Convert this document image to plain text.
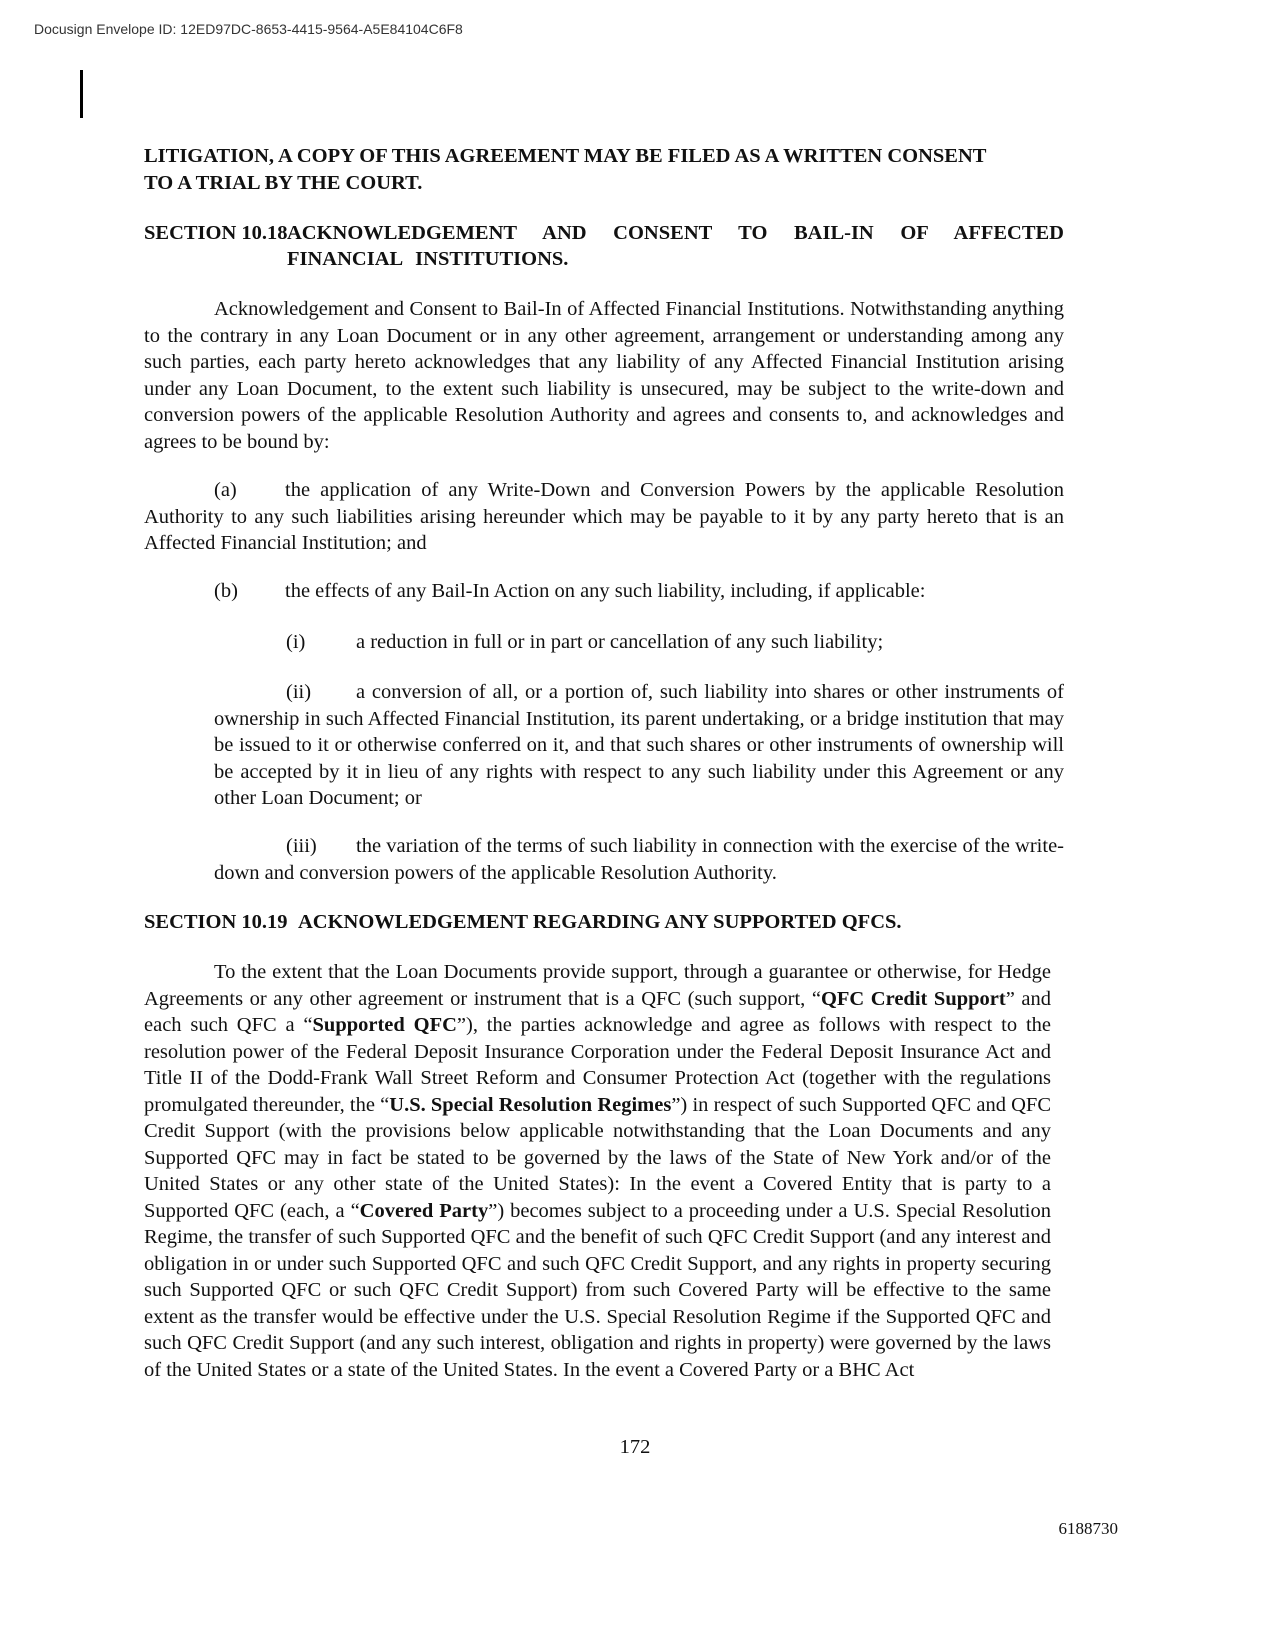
Docusign Envelope ID: 12ED97DC-8653-4415-9564-A5E84104C6F8
LITIGATION, A COPY OF THIS AGREEMENT MAY BE FILED AS A WRITTEN CONSENT
TO A TRIAL BY THE COURT.
SECTION 10.18 ACKNOWLEDGEMENT AND CONSENT TO BAIL-IN OF AFFECTED
FINANCIAL INSTITUTIONS.

Acknowledgement and Consent to Bail-In of Affected Financial Institutions. Notwithstanding anything to the contrary in any Loan Document or in any other agreement, arrangement or understanding among any such parties, each party hereto acknowledges that any liability of any Affected Financial Institution arising under any Loan Document, to the extent such liability is unsecured, may be subject to the write-down and conversion powers of the applicable Resolution Authority and agrees and consents to, and acknowledges and agrees to be bound by:

(a)	the application of any Write-Down and Conversion Powers by the applicable Resolution Authority to any such liabilities arising hereunder which may be payable to it by any party hereto that is an Affected Financial Institution; and

(b) the effects of any Bail-In Action on any such liability, including, if applicable:
(i) a reduction in full or in part or cancellation of any such liability;
(ii)	a conversion of all, or a portion of, such liability into shares or other instruments of ownership in such Affected Financial Institution, its parent undertaking, or a bridge institution that may be issued to it or otherwise conferred on it, and that such shares or other instruments of ownership will be accepted by it in lieu of any rights with respect to any such liability under this Agreement or any other Loan Document; or

(iii)	the variation of the terms of such liability in connection with the exercise of the write-down and conversion powers of the applicable Resolution Authority.

SECTION 10.19 ACKNOWLEDGEMENT REGARDING ANY SUPPORTED QFCS.

To the extent that the Loan Documents provide support, through a guarantee or otherwise, for Hedge Agreements or any other agreement or instrument that is a QFC (such support, “QFC Credit Support” and each such QFC a “Supported QFC”), the parties acknowledge and agree as follows with respect to the resolution power of the Federal Deposit Insurance Corporation under the Federal Deposit Insurance Act and Title II of the Dodd-Frank Wall Street Reform and Consumer Protection Act (together with the regulations promulgated thereunder, the “U.S. Special Resolution Regimes”) in respect of such Supported QFC and QFC Credit Support (with the provisions below applicable notwithstanding that the Loan Documents and any Supported QFC may in fact be stated to be governed by the laws of the State of New York and/or of the United States or any other state of the United States): In the event a Covered Entity that is party to a Supported QFC (each, a “Covered Party”) becomes subject to a proceeding under a U.S. Special Resolution Regime, the transfer of such Supported QFC and the benefit of such QFC Credit Support (and any interest and obligation in or under such Supported QFC and such QFC Credit Support, and any rights in property securing such Supported QFC or such QFC Credit Support) from such Covered Party will be effective to the same extent as the transfer would be effective under the U.S. Special Resolution Regime if the Supported QFC and such QFC Credit Support (and any such interest, obligation and rights in property) were governed by the laws of the United States or a state of the United States. In the event a Covered Party or a BHC Act

172
6188730
